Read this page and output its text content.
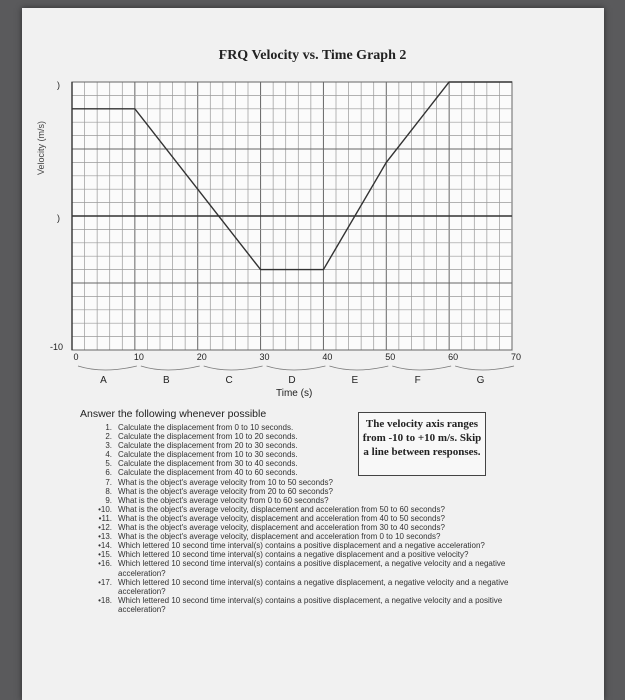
FRQ Velocity vs. Time Graph 2
Velocity (m/s)
)
)
-10
0	10	20	30	40	50	60	70
A	B	C	D	E	F	G
Time (s)
Answer the following whenever possible
The velocity axis ranges from -10 to +10 m/s. Skip a line between responses.
1. Calculate the displacement from 0 to 10 seconds.
2. Calculate the displacement from 10 to 20 seconds.
3. Calculate the displacement from 20 to 30 seconds.
4. Calculate the displacement from 10 to 30 seconds.
5. Calculate the displacement from 30 to 40 seconds.
6. Calculate the displacement from 40 to 60 seconds.
7. What is the object's average velocity from 10 to 50 seconds?
8. What is the object's average velocity from 20 to 60 seconds?
9. What is the object's average velocity from 0 to 60 seconds?
•10. What is the object's average velocity, displacement and acceleration from 50 to 60 seconds?
•11. What is the object's average velocity, displacement and acceleration from 40 to 50 seconds?
•12. What is the object's average velocity, displacement and acceleration from 30 to 40 seconds?
•13. What is the object's average velocity, displacement and acceleration from 0 to 10 seconds?
•14. Which lettered 10 second time interval(s) contains a positive displacement and a negative acceleration?
•15. Which lettered 10 second time interval(s) contains a negative displacement and a positive velocity?
•16. Which lettered 10 second time interval(s) contains a positive displacement, a negative velocity and a negative acceleration?
•17. Which lettered 10 second time interval(s) contains a negative displacement, a negative velocity and a negative acceleration?
•18. Which lettered 10 second time interval(s) contains a positive displacement, a negative velocity and a positive acceleration?
